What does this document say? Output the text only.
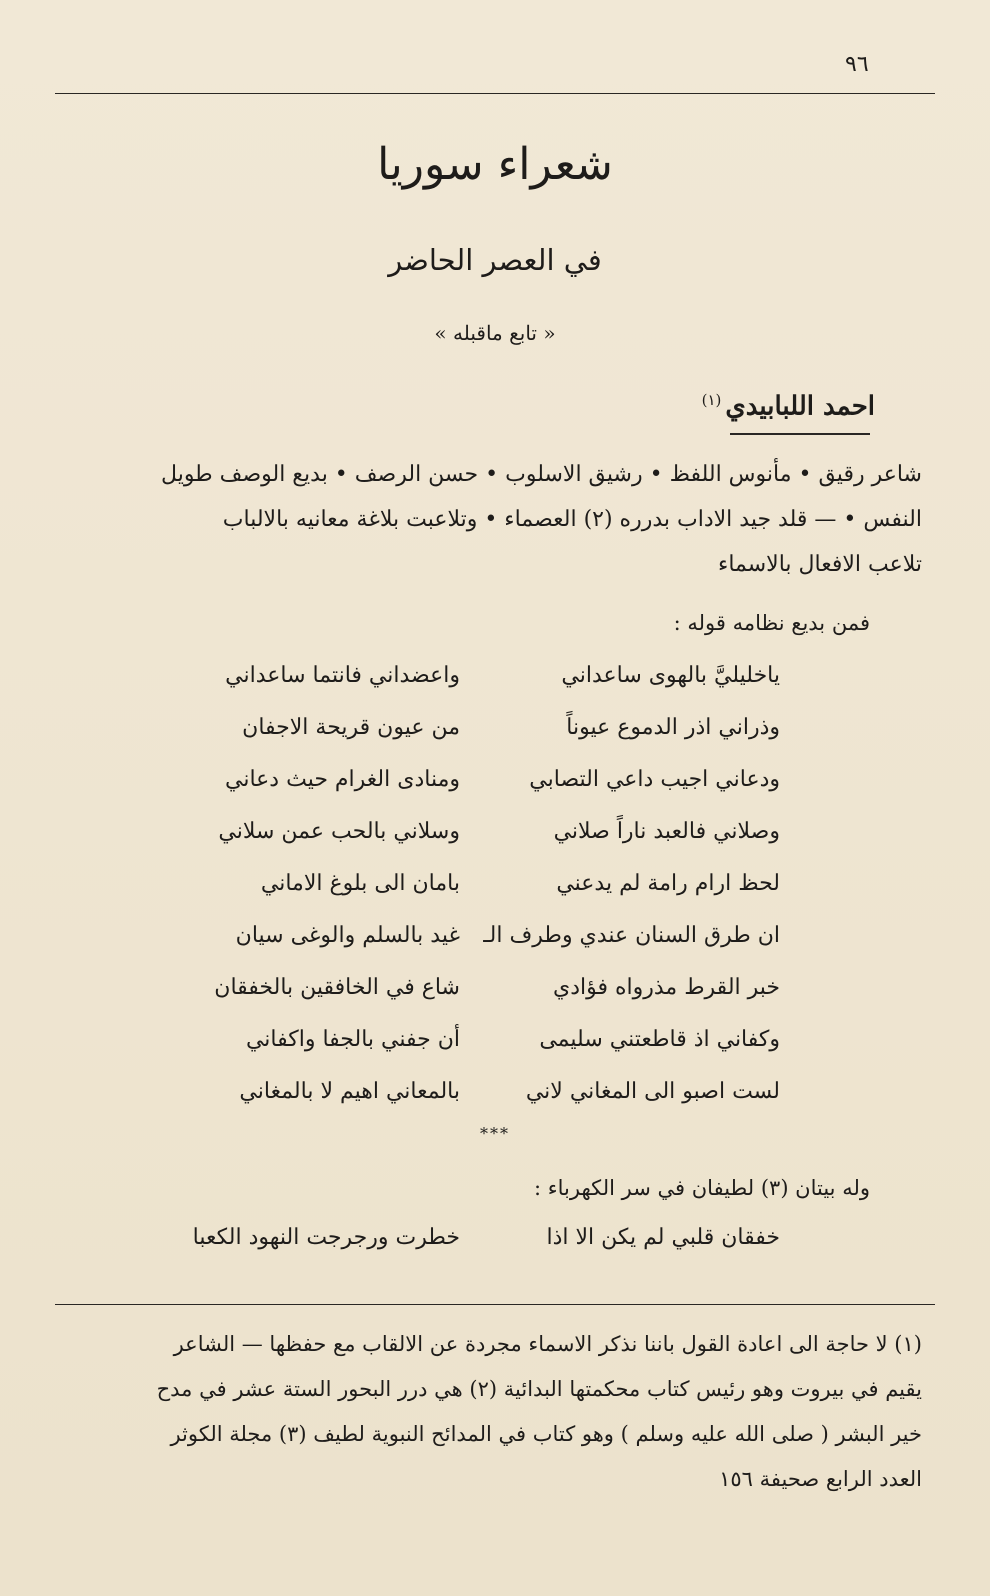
٩٦
شعراء سوريا
في العصر الحاضر
« تابع ماقبله »
احمد اللبابيدي$^{(١)}$
شاعر رقيق • مأنوس اللفظ • رشيق الاسلوب • حسن الرصف • بديع الوصف طويل
النفس • — قلد جيد الاداب بدرره (٢) العصماء • وتلاعبت بلاغة معانيه بالالباب
تلاعب الافعال بالاسماء
فمن بديع نظامه قوله :
ياخليليَّ بالهوى ساعداني
واعضداني فانتما ساعداني
وذراني اذر الدموع عيوناً
من عيون قريحة الاجفان
ودعاني اجيب داعي التصابي
ومنادى الغرام حيث دعاني
وصلاني فالعبد ناراً صلاني
وسلاني بالحب عمن سلاني
لحظ ارام رامة لم يدعني
بامان الى بلوغ الاماني
ان طرق السنان عندي وطرف الـ
غيد بالسلم والوغى سيان
خبر القرط مذرواه فؤادي
شاع في الخافقين بالخفقان
وكفاني اذ قاطعتني سليمى
أن جفني بالجفا واكفاني
لست اصبو الى المغاني لاني
بالمعاني اهيم لا بالمغاني
***
وله بيتان (٣) لطيفان في سر الكهرباء :
خفقان قلبي لم يكن الا اذا
خطرت ورجرجت النهود الكعبا
(١) لا حاجة الى اعادة القول باننا نذكر الاسماء مجردة عن الالقاب مع حفظها — الشاعر
يقيم في بيروت وهو رئيس كتاب محكمتها البدائية (٢) هي درر البحور الستة عشر في مدح
خير البشر ( صلى الله عليه وسلم ) وهو كتاب في المدائح النبوية لطيف (٣) مجلة الكوثر
العدد الرابع صحيفة ١٥٦
